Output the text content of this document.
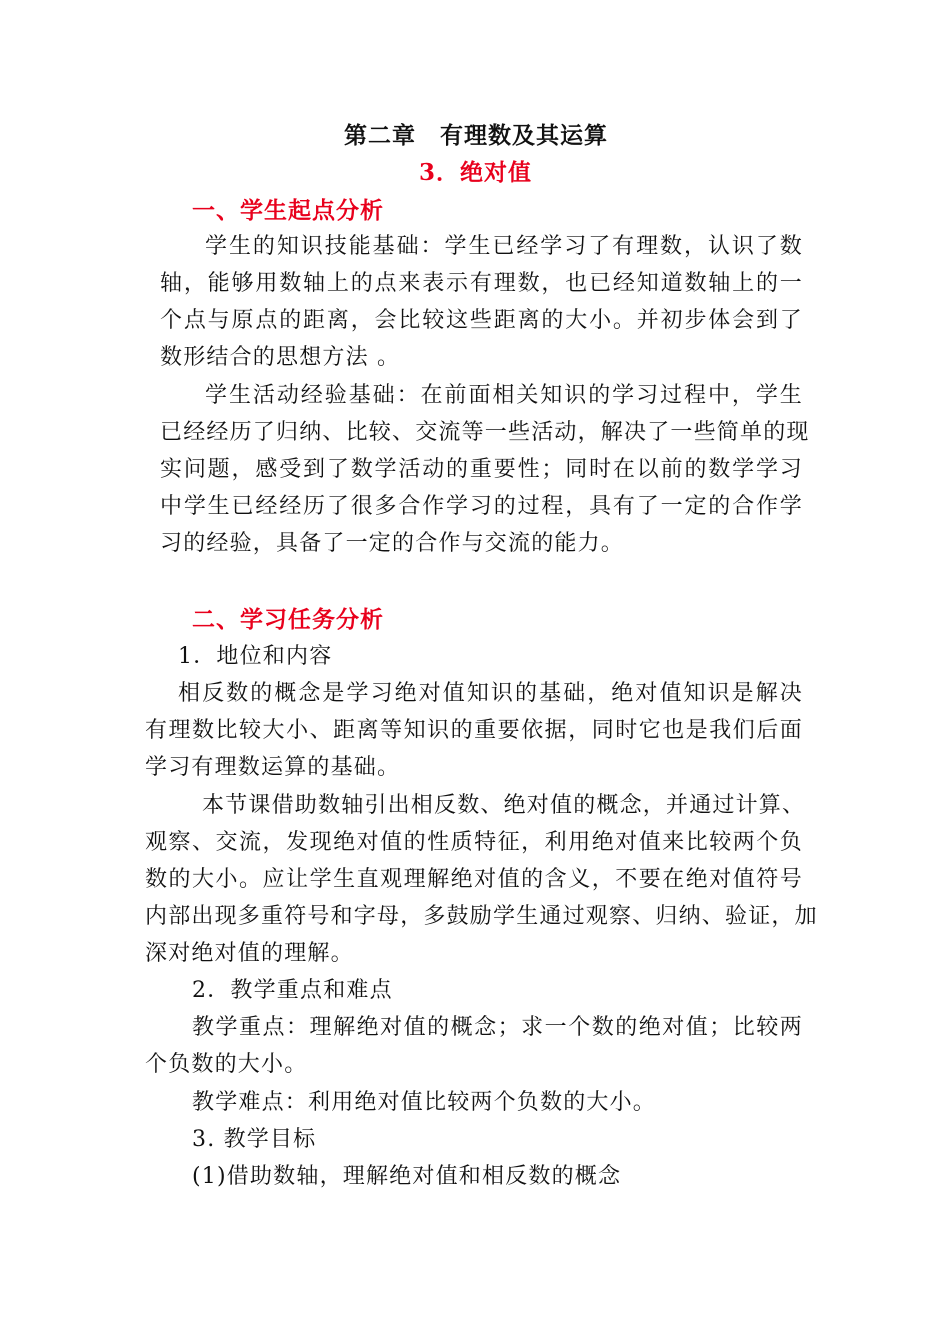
第二章　有理数及其运算
3．绝对值
一、学生起点分析
学生的知识技能基础：学生已经学习了有理数，认识了数
轴，能够用数轴上的点来表示有理数，也已经知道数轴上的一
个点与原点的距离，会比较这些距离的大小。并初步体会到了
数形结合的思想方法 。
学生活动经验基础：在前面相关知识的学习过程中，学生
已经经历了归纳、比较、交流等一些活动，解决了一些简单的现
实问题，感受到了数学活动的重要性；同时在以前的数学学习
中学生已经经历了很多合作学习的过程，具有了一定的合作学
习的经验，具备了一定的合作与交流的能力。
二、学习任务分析
1．地位和内容
相反数的概念是学习绝对值知识的基础，绝对值知识是解决
有理数比较大小、距离等知识的重要依据，同时它也是我们后面
学习有理数运算的基础。
本节课借助数轴引出相反数、绝对值的概念，并通过计算、
观察、交流，发现绝对值的性质特征，利用绝对值来比较两个负
数的大小。应让学生直观理解绝对值的含义，不要在绝对值符号
内部出现多重符号和字母，多鼓励学生通过观察、归纳、验证，加
深对绝对值的理解。
2．教学重点和难点
教学重点：理解绝对值的概念；求一个数的绝对值；比较两
个负数的大小。
教学难点：利用绝对值比较两个负数的大小。
3. 教学目标
(1)借助数轴，理解绝对值和相反数的概念
